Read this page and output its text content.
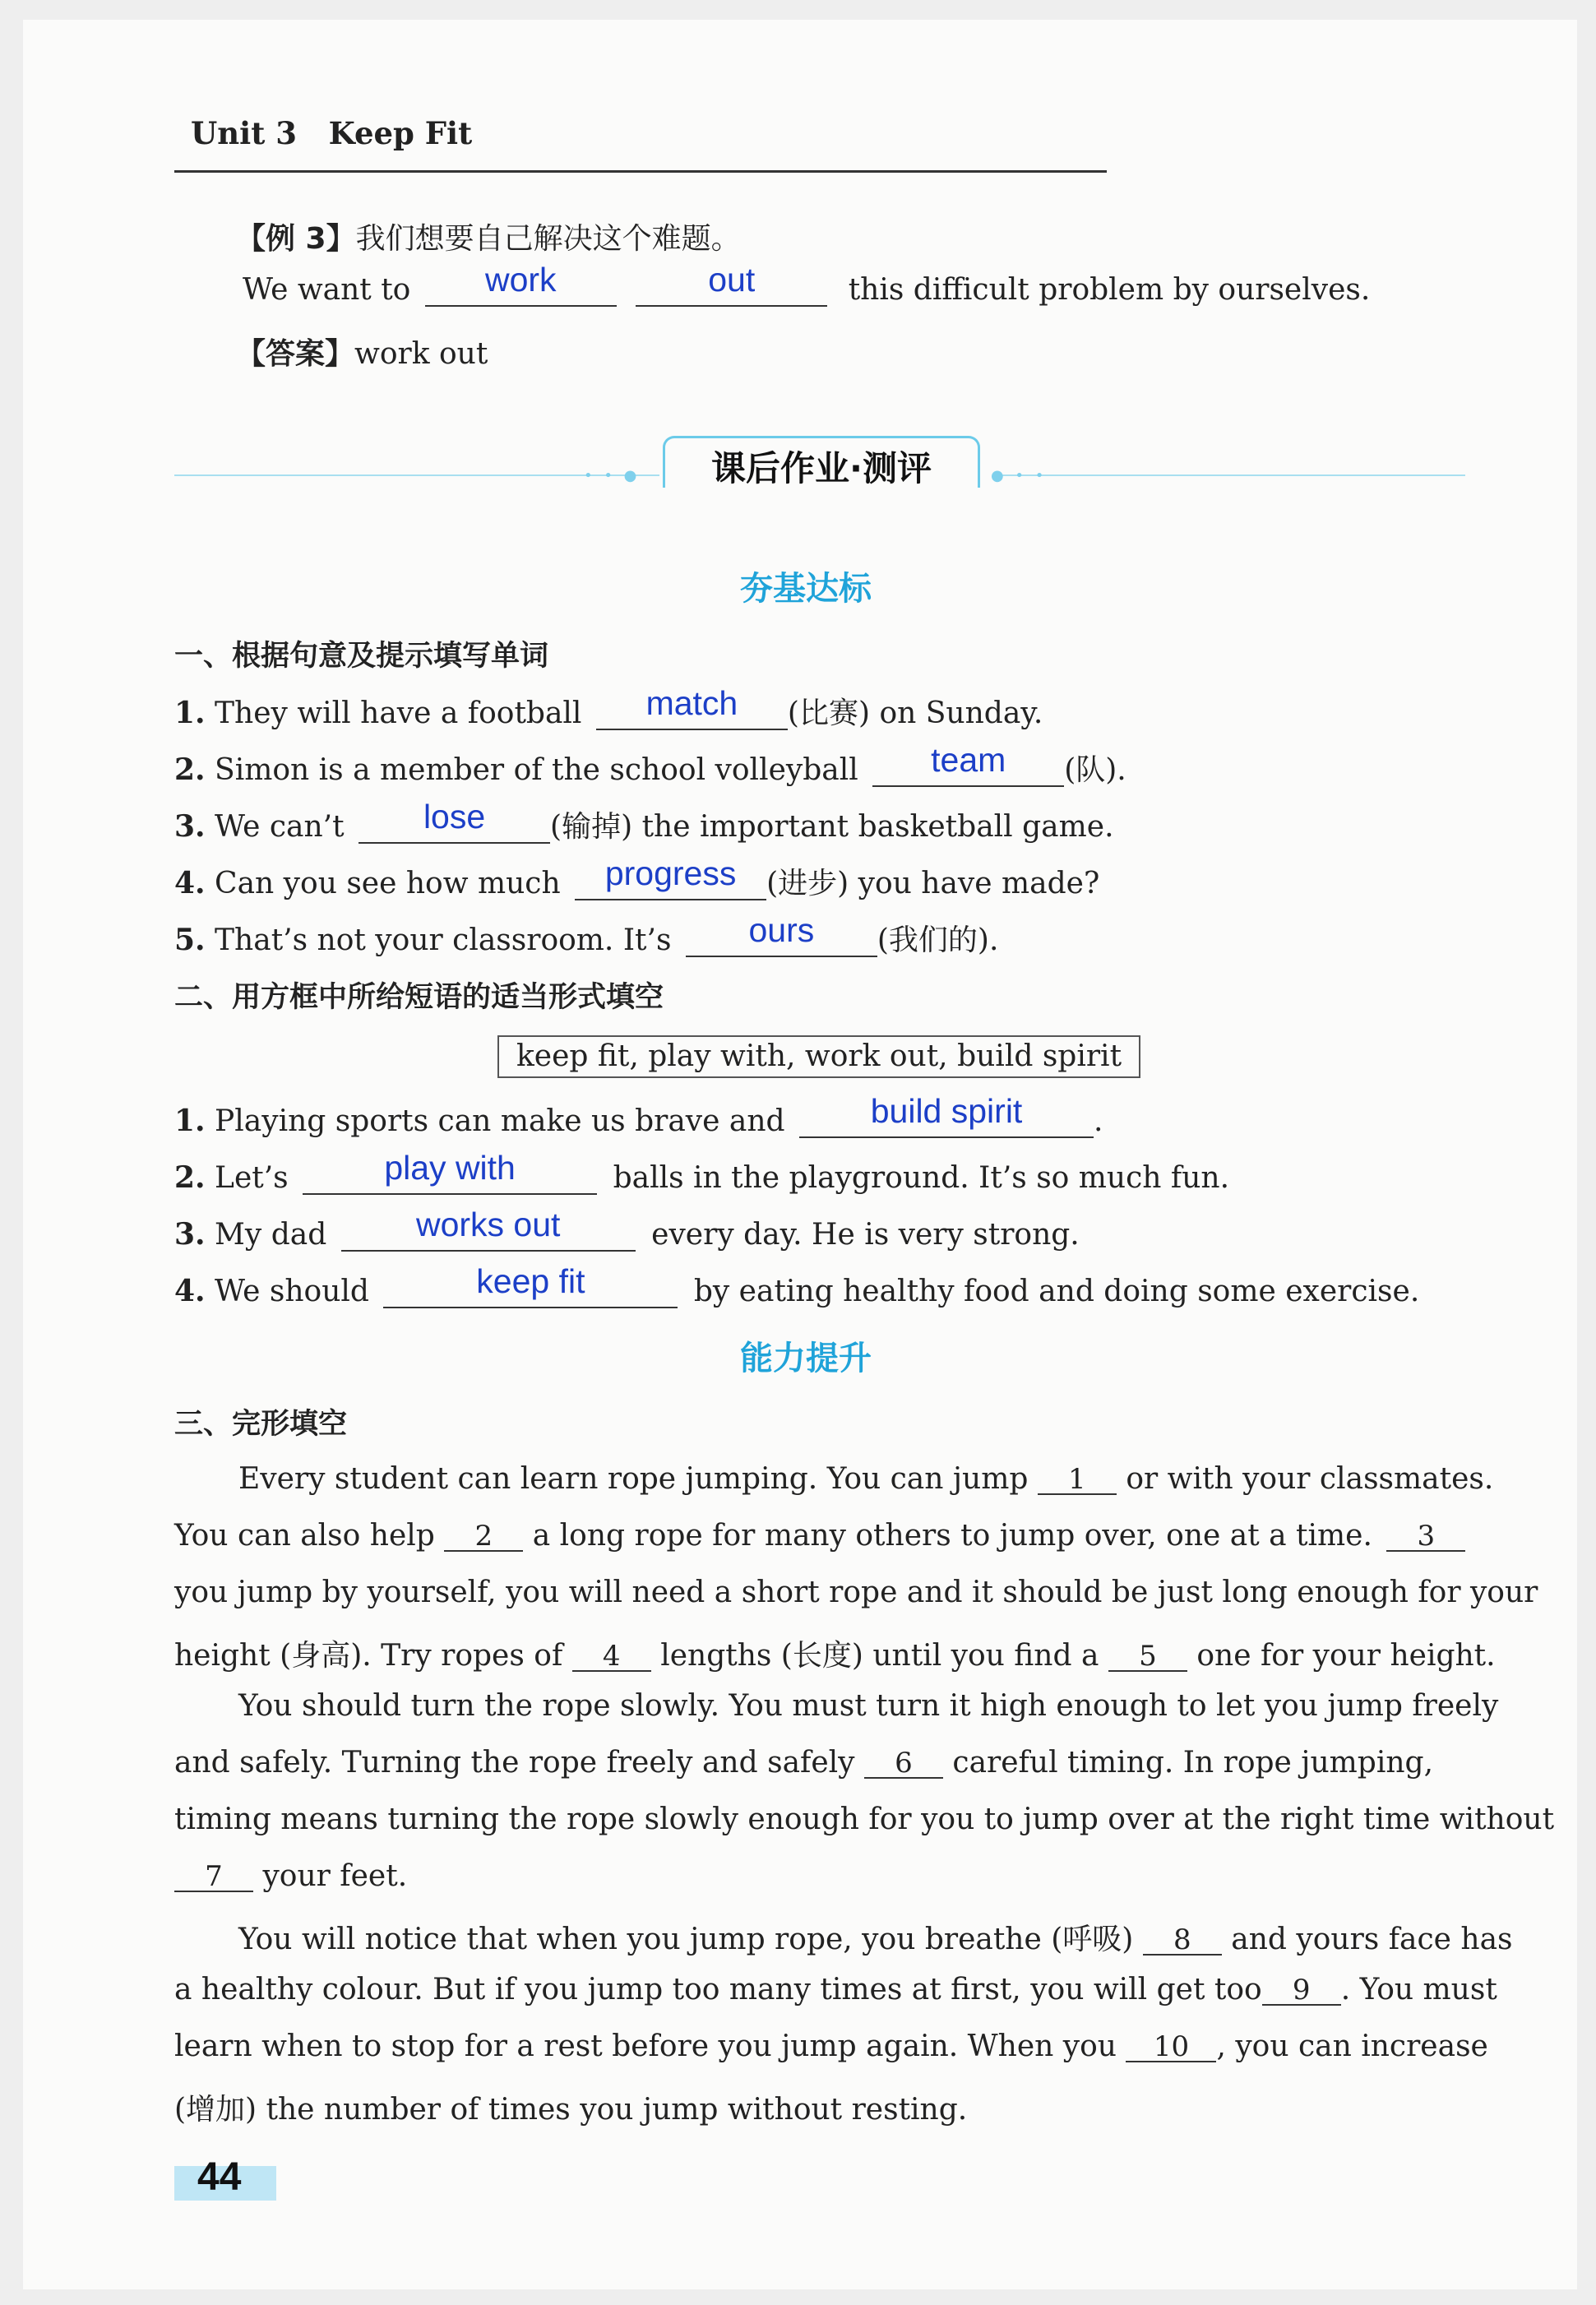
Unit 3 Keep Fit
【例 3】我们想要自己解决这个难题。
We want to work	out	this difficult problem by ourselves.
【答案】work out
• • ●	● • •
课后作业·测评
夯基达标
一、根据句意及提示填写单词
1. They will have a football match (比赛) on Sunday.
2. Simon is a member of the school volleyball team (队).
3. We can’t lose (输掉) the important basketball game.
4. Can you see how much progress (进步) you have made?
5. That’s not your classroom. It’s ours (我们的).
二、用方框中所给短语的适当形式填空
keep fit, play with, work out, build spirit
1. Playing sports can make us brave and	build spirit .
2. Let’s	play with	balls in the playground. It’s so much fun.
3. My dad	works out	every day. He is very strong.
4. We should	keep fit	by eating healthy food and doing some exercise.
能力提升
三、完形填空
Every student can learn rope jumping. You can jump 1 or with your classmates.
You can also help 2 a long rope for many others to jump over, one at a time. 3
you jump by yourself, you will need a short rope and it should be just long enough for your
height (身高). Try ropes of 4 lengths (长度) until you find a 5 one for your height.
You should turn the rope slowly. You must turn it high enough to let you jump freely
and safely. Turning the rope freely and safely 6 careful timing. In rope jumping,
timing means turning the rope slowly enough for you to jump over at the right time without
7 your feet.
You will notice that when you jump rope, you breathe (呼吸) 8 and yours face has
a healthy colour. But if you jump too many times at first, you will get too 9 . You must
learn when to stop for a rest before you jump again. When you 10 , you can increase
(增加) the number of times you jump without resting.
44
